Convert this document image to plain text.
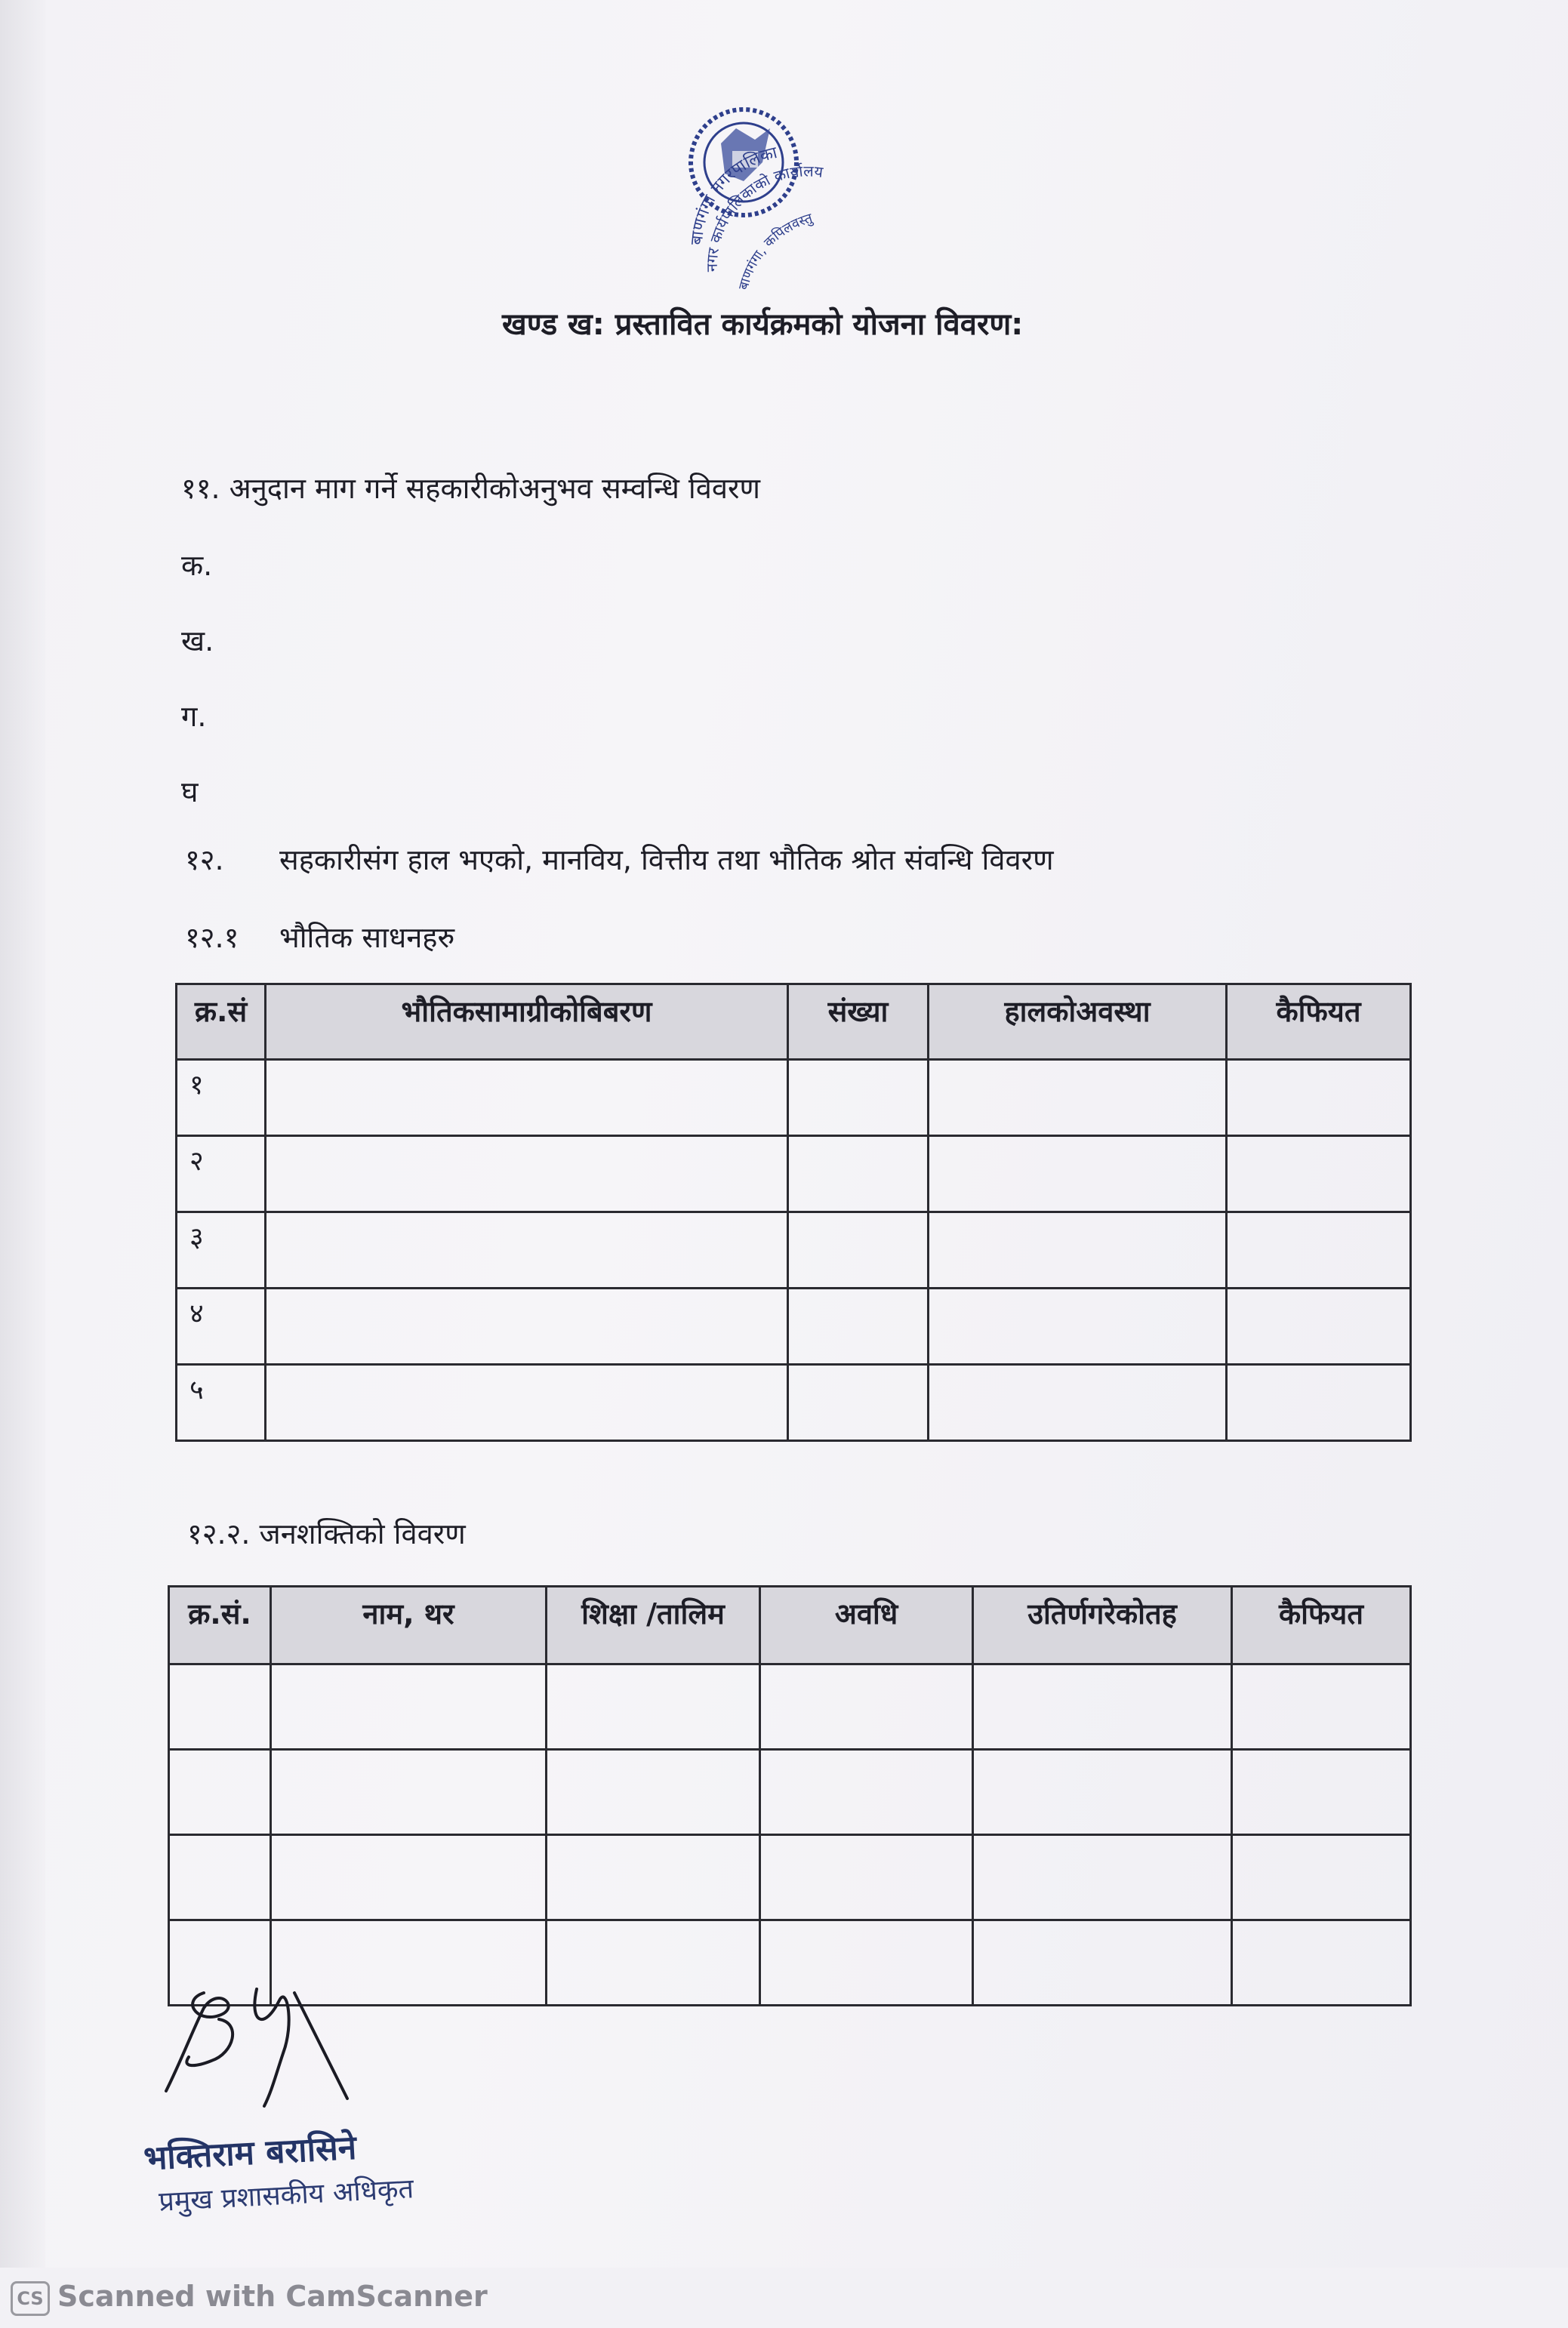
बाणगंगा नगरपालिका
नगर कार्यपालिकाको कार्यालय
बाणगंगा, कपिलवस्तु
खण्ड ख: प्रस्तावित कार्यक्रमको योजना विवरण:
११. अनुदान माग गर्ने सहकारीकोअनुभव सम्वन्धि विवरण
क.
ख.
ग.
घ
१२. सहकारीसंग हाल भएको, मानविय, वित्तीय तथा भौतिक श्रोत संवन्धि विवरण
१२.१ भौतिक साधनहरु
क्र.सं	भौतिकसामाग्रीकोबिबरण	संख्या	हालकोअवस्था	कैफियत
१				
२				
३				
४				
५				
१२.२. जनशक्तिको विवरण
क्र.सं.	नाम, थर	शिक्षा /तालिम	अवधि	उतिर्णगरेकोतह	कैफियत

भक्तिराम बरासिने
प्रमुख प्रशासकीय अधिकृत
CS Scanned with CamScanner
